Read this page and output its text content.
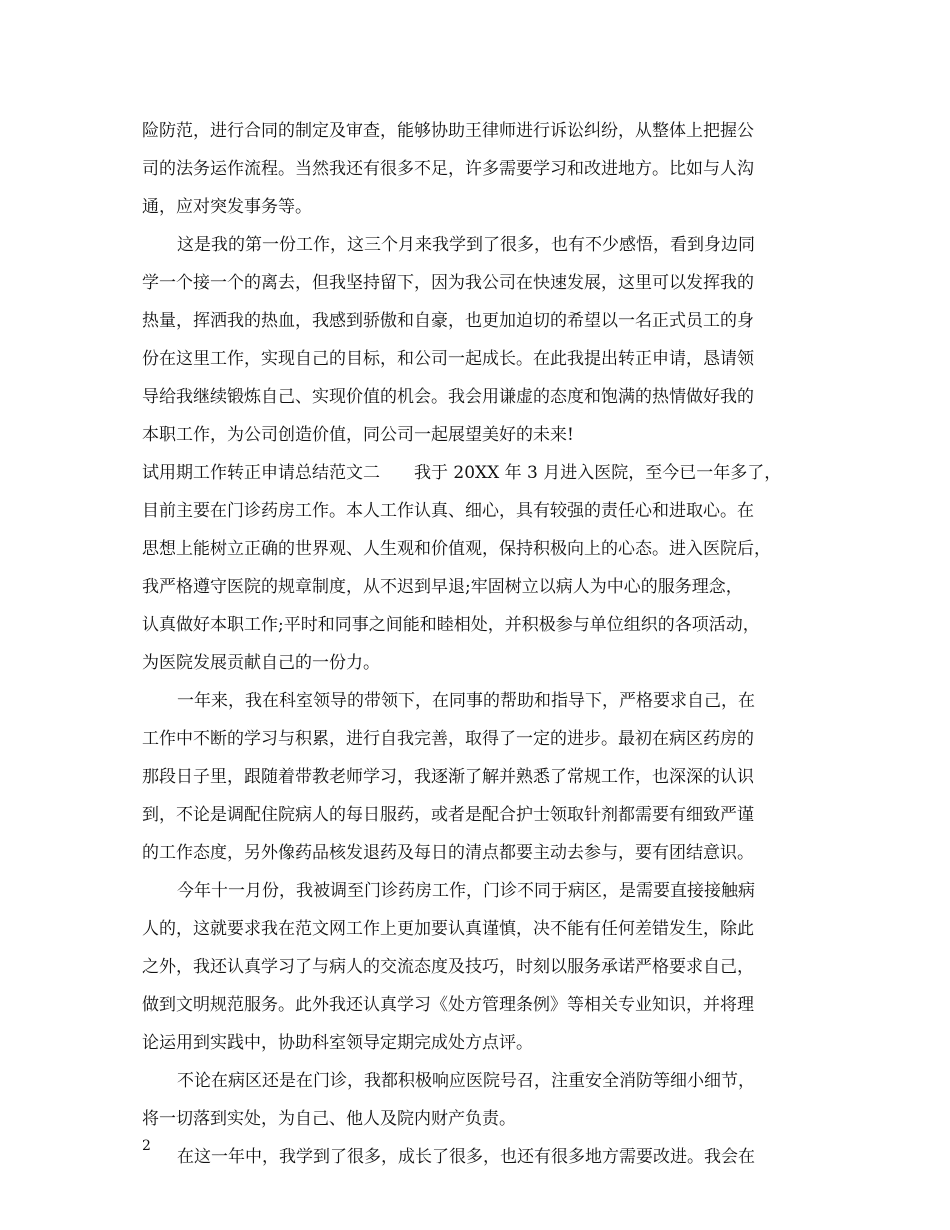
险防范，进行合同的制定及审查，能够协助王律师进行诉讼纠纷，从整体上把握公
司的法务运作流程。当然我还有很多不足，许多需要学习和改进地方。比如与人沟
通，应对突发事务等。
这是我的第一份工作，这三个月来我学到了很多，也有不少感悟，看到身边同
学一个接一个的离去，但我坚持留下，因为我公司在快速发展，这里可以发挥我的
热量，挥洒我的热血，我感到骄傲和自豪，也更加迫切的希望以一名正式员工的身
份在这里工作，实现自己的目标，和公司一起成长。在此我提出转正申请，恳请领
导给我继续锻炼自己、实现价值的机会。我会用谦虚的态度和饱满的热情做好我的
本职工作，为公司创造价值，同公司一起展望美好的未来!
试用期工作转正申请总结范文二　　我于 20XX 年 3 月进入医院，至今已一年多了，
目前主要在门诊药房工作。本人工作认真、细心，具有较强的责任心和进取心。在
思想上能树立正确的世界观、人生观和价值观，保持积极向上的心态。进入医院后，
我严格遵守医院的规章制度，从不迟到早退;牢固树立以病人为中心的服务理念，
认真做好本职工作;平时和同事之间能和睦相处，并积极参与单位组织的各项活动，
为医院发展贡献自己的一份力。
一年来，我在科室领导的带领下，在同事的帮助和指导下，严格要求自己，在
工作中不断的学习与积累，进行自我完善，取得了一定的进步。最初在病区药房的
那段日子里，跟随着带教老师学习，我逐渐了解并熟悉了常规工作，也深深的认识
到，不论是调配住院病人的每日服药，或者是配合护士领取针剂都需要有细致严谨
的工作态度，另外像药品核发退药及每日的清点都要主动去参与，要有团结意识。
今年十一月份，我被调至门诊药房工作，门诊不同于病区，是需要直接接触病
人的，这就要求我在范文网工作上更加要认真谨慎，决不能有任何差错发生，除此
之外，我还认真学习了与病人的交流态度及技巧，时刻以服务承诺严格要求自己，
做到文明规范服务。此外我还认真学习《处方管理条例》等相关专业知识，并将理
论运用到实践中，协助科室领导定期完成处方点评。
不论在病区还是在门诊，我都积极响应医院号召，注重安全消防等细小细节，
将一切落到实处，为自己、他人及院内财产负责。
在这一年中，我学到了很多，成长了很多，也还有很多地方需要改进。我会在
2
